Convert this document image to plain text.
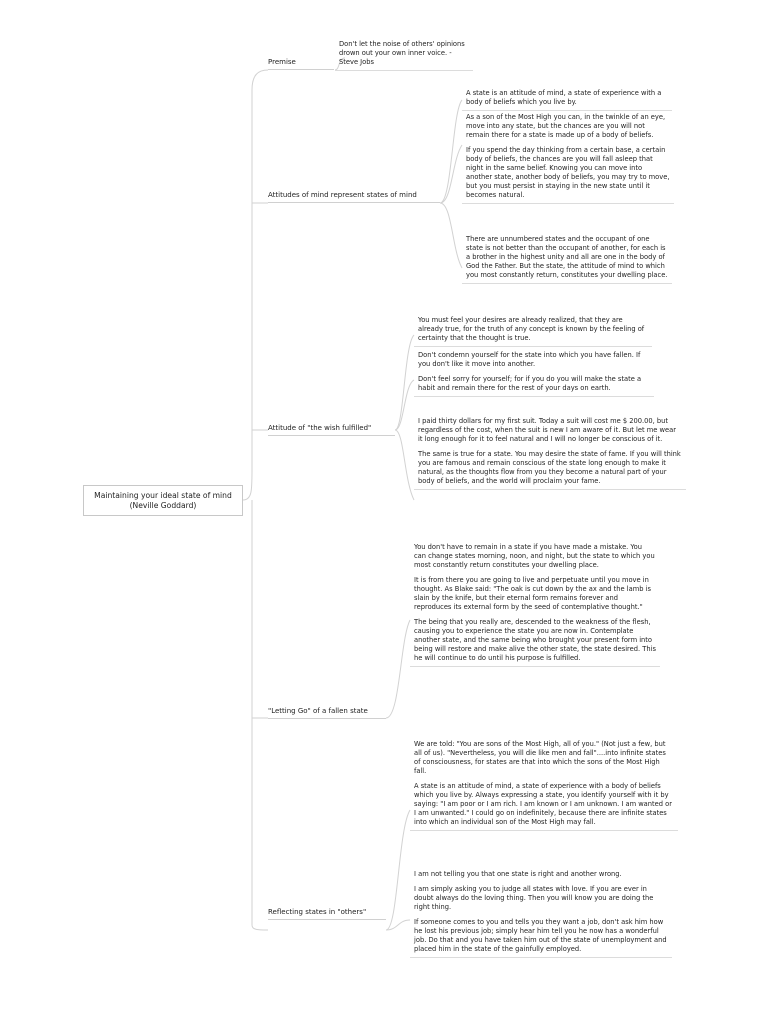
Maintaining your ideal state of mind
(Neville Goddard)
Premise
Attitudes of mind represent states of mind
Attitude of "the wish fulfilled"
"Letting Go" of a fallen state
Reflecting states in "others"

Don't let the noise of others' opinions drown out your own inner voice. - Steve Jobs

A state is an attitude of mind, a state of experience with a body of beliefs which you live by.

As a son of the Most High you can, in the twinkle of an eye, move into any state, but the chances are you will not remain there for a state is made up of a body of beliefs.

If you spend the day thinking from a certain base, a certain body of beliefs, the chances are you will fall asleep that night in the same belief. Knowing you can move into another state, another body of beliefs, you may try to move, but you must persist in staying in the new state until it becomes natural.

There are unnumbered states and the occupant of one state is not better than the occupant of another, for each is a brother in the highest unity and all are one in the body of God the Father. But the state, the attitude of mind to which you most constantly return, constitutes your dwelling place.

You must feel your desires are already realized, that they are already true, for the truth of any concept is known by the feeling of certainty that the thought is true.

Don't condemn yourself for the state into which you have fallen. If you don't like it move into another.

Don't feel sorry for yourself; for if you do you will make the state a habit and remain there for the rest of your days on earth.

I paid thirty dollars for my first suit. Today a suit will cost me $ 200.00, but regardless of the cost, when the suit is new I am aware of it. But let me wear it long enough for it to feel natural and I will no longer be conscious of it.

The same is true for a state. You may desire the state of fame. If you will think you are famous and remain conscious of the state long enough to make it natural, as the thoughts flow from you they become a natural part of your body of beliefs, and the world will proclaim your fame.

You don't have to remain in a state if you have made a mistake. You can change states morning, noon, and night, but the state to which you most constantly return constitutes your dwelling place.

It is from there you are going to live and perpetuate until you move in thought. As Blake said: "The oak is cut down by the ax and the lamb is slain by the knife, but their eternal form remains forever and reproduces its external form by the seed of contemplative thought."

The being that you really are, descended to the weakness of the flesh, causing you to experience the state you are now in. Contemplate another state, and the same being who brought your present form into being will restore and make alive the other state, the state desired. This he will continue to do until his purpose is fulfilled.

We are told: "You are sons of the Most High, all of you." (Not just a few, but all of us). "Nevertheless, you will die like men and fall"....into infinite states of consciousness, for states are that into which the sons of the Most High fall.

A state is an attitude of mind, a state of experience with a body of beliefs which you live by. Always expressing a state, you identify yourself with it by saying: "I am poor or I am rich. I am known or I am unknown. I am wanted or I am unwanted." I could go on indefinitely, because there are infinite states into which an individual son of the Most High may fall.

I am not telling you that one state is right and another wrong.

I am simply asking you to judge all states with love. If you are ever in doubt always do the loving thing. Then you will know you are doing the right thing.

If someone comes to you and tells you they want a job, don't ask him how he lost his previous job; simply hear him tell you he now has a wonderful job. Do that and you have taken him out of the state of unemployment and placed him in the state of the gainfully employed.
